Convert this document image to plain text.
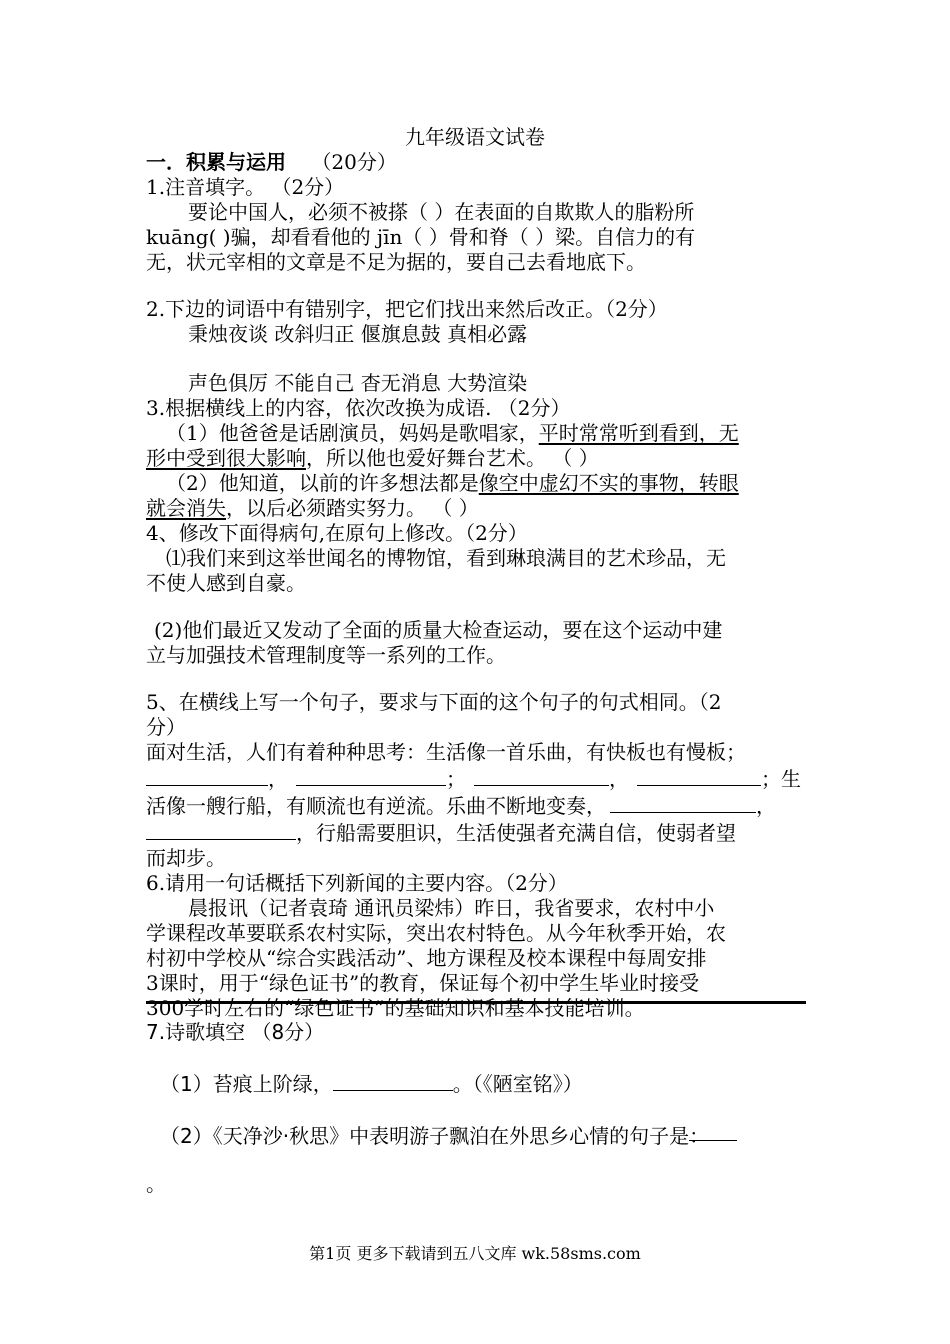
九年级语文试卷
一．积累与运用 （20分）
1.注音填字。 （2分）
要论中国人，必须不被搽（ ）在表面的自欺欺人的脂粉所
kuāng( )骗，却看看他的 jīn（ ）骨和脊（ ）梁。自信力的有
无，状元宰相的文章是不足为据的，要自己去看地底下。
2.下边的词语中有错别字，把它们找出来然后改正。（2分）
秉烛夜谈 改斜归正 偃旗息鼓 真相必露
声色俱厉 不能自己 杳无消息 大势渲染
3.根据横线上的内容，依次改换为成语. （2分）
（1）他爸爸是话剧演员，妈妈是歌唱家，平时常常听到看到，无
形中受到很大影响，所以他也爱好舞台艺术。 （ ）
（2）他知道，以前的许多想法都是像空中虚幻不实的事物，转眼
就会消失，以后必须踏实努力。 （ ）
4、修改下面得病句,在原句上修改。（2分）
⑴我们来到这举世闻名的博物馆，看到琳琅满目的艺术珍品，无
不使人感到自豪。
(2)他们最近又发动了全面的质量大检查运动，要在这个运动中建
立与加强技术管理制度等一系列的工作。
5、在横线上写一个句子，要求与下面的这个句子的句式相同。（2
分）
面对生活，人们有着种种思考：生活像一首乐曲，有快板也有慢板；
，	；	，	；生
活像一艘行船，有顺流也有逆流。乐曲不断地变奏，	，
，行船需要胆识，生活使强者充满自信，使弱者望
而却步。
6.请用一句话概括下列新闻的主要内容。（2分）
晨报讯（记者袁琦 通讯员梁炜）昨日，我省要求，农村中小
学课程改革要联系农村实际，突出农村特色。从今年秋季开始，农
村初中学校从“综合实践活动”、地方课程及校本课程中每周安排
3课时，用于“绿色证书”的教育，保证每个初中学生毕业时接受
300学时左右的“绿色证书”的基础知识和基本技能培训。
7.诗歌填空 （8分）
（1）苔痕上阶绿，	。（《陋室铭》）
（2）《天净沙·秋思》中表明游子飘泊在外思乡心情的句子是：
。
第1页 更多下载请到五八文库 wk.58sms.com
